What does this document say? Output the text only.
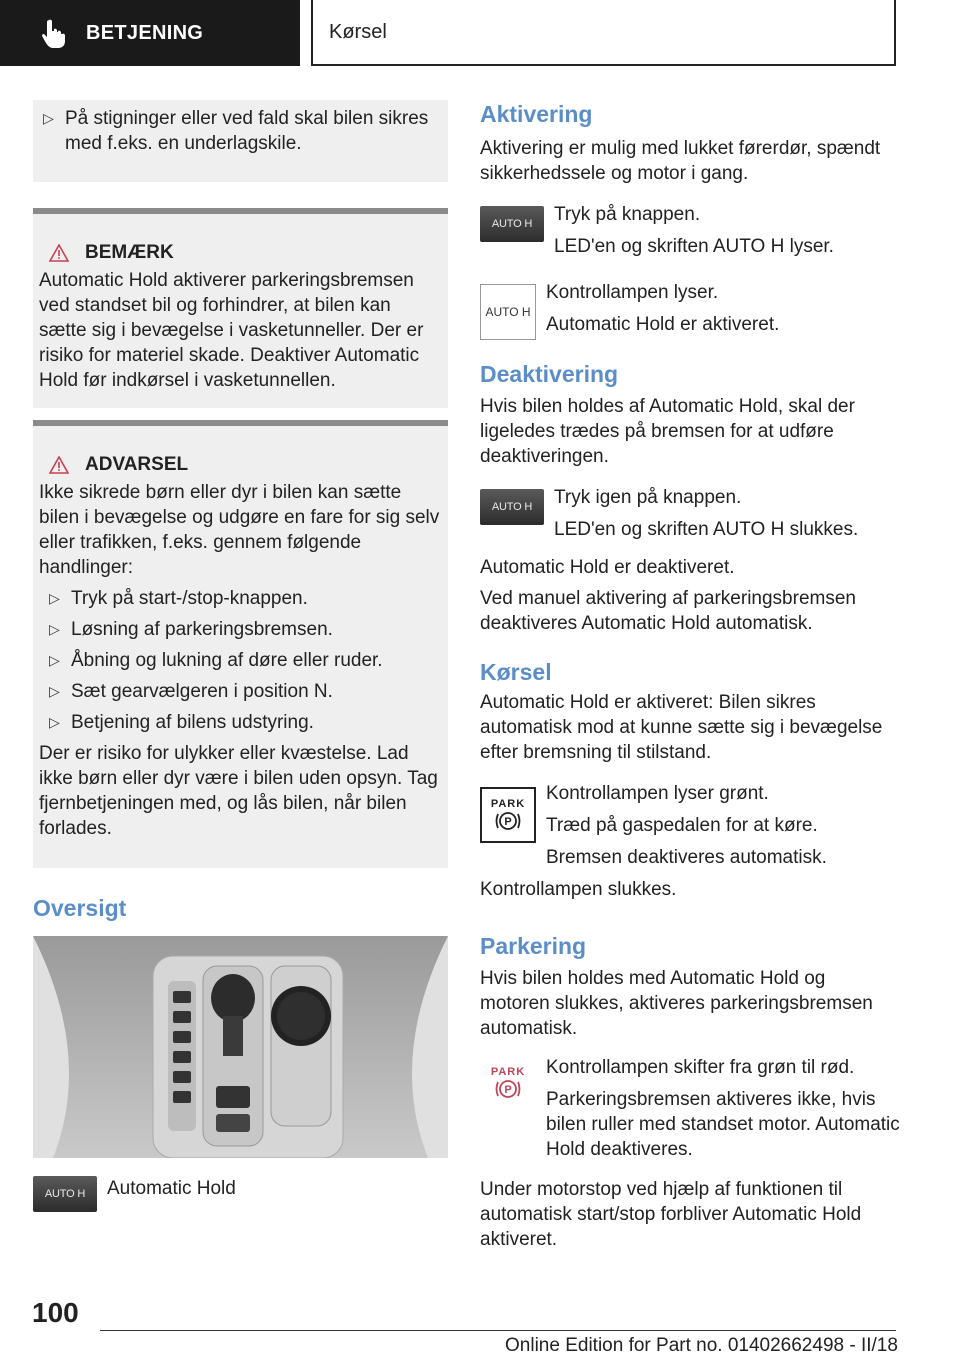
BETJENING	Kørsel
▷ På stigninger eller ved fald skal bilen sikres med f.eks. en underlagskile.
BEMÆRK
Automatic Hold aktiverer parkeringsbremsen ved standset bil og forhindrer, at bilen kan sætte sig i bevægelse i vasketunneller. Der er risiko for materiel skade. Deaktiver Automatic Hold før indkørsel i vasketunnellen.
ADVARSEL
Ikke sikrede børn eller dyr i bilen kan sætte bilen i bevægelse og udgøre en fare for sig selv eller trafikken, f.eks. gennem følgende handlinger:
▷ Tryk på start-/stop-knappen.
▷ Løsning af parkeringsbremsen.
▷ Åbning og lukning af døre eller ruder.
▷ Sæt gearvælgeren i position N.
▷ Betjening af bilens udstyring.
Der er risiko for ulykker eller kvæstelse. Lad ikke børn eller dyr være i bilen uden opsyn. Tag fjernbetjeningen med, og lås bilen, når bilen forlades.
Oversigt
AUTO H Automatic Hold
Aktivering
Aktivering er mulig med lukket førerdør, spændt sikkerhedssele og motor i gang.
AUTO H Tryk på knappen.
LED'en og skriften AUTO H lyser.
AUTO H
Kontrollampen lyser.
Automatic Hold er aktiveret.
Deaktivering
Hvis bilen holdes af Automatic Hold, skal der ligeledes trædes på bremsen for at udføre deaktiveringen.
AUTO H Tryk igen på knappen.
LED'en og skriften AUTO H slukkes.
Automatic Hold er deaktiveret.
Ved manuel aktivering af parkeringsbremsen deaktiveres Automatic Hold automatisk.
Kørsel
Automatic Hold er aktiveret: Bilen sikres automatisk mod at kunne sætte sig i bevægelse efter bremsning til stilstand.
PARK
P
Kontrollampen lyser grønt.
Træd på gaspedalen for at køre.
Bremsen deaktiveres automatisk.
Kontrollampen slukkes.
Parkering
Hvis bilen holdes med Automatic Hold og motoren slukkes, aktiveres parkeringsbremsen automatisk.
PARK
P
Kontrollampen skifter fra grøn til rød.
Parkeringsbremsen aktiveres ikke, hvis bilen ruller med standset motor. Automatic Hold deaktiveres.
Under motorstop ved hjælp af funktionen til automatisk start/stop forbliver Automatic Hold aktiveret.
100
Online Edition for Part no. 01402662498 - II/18
